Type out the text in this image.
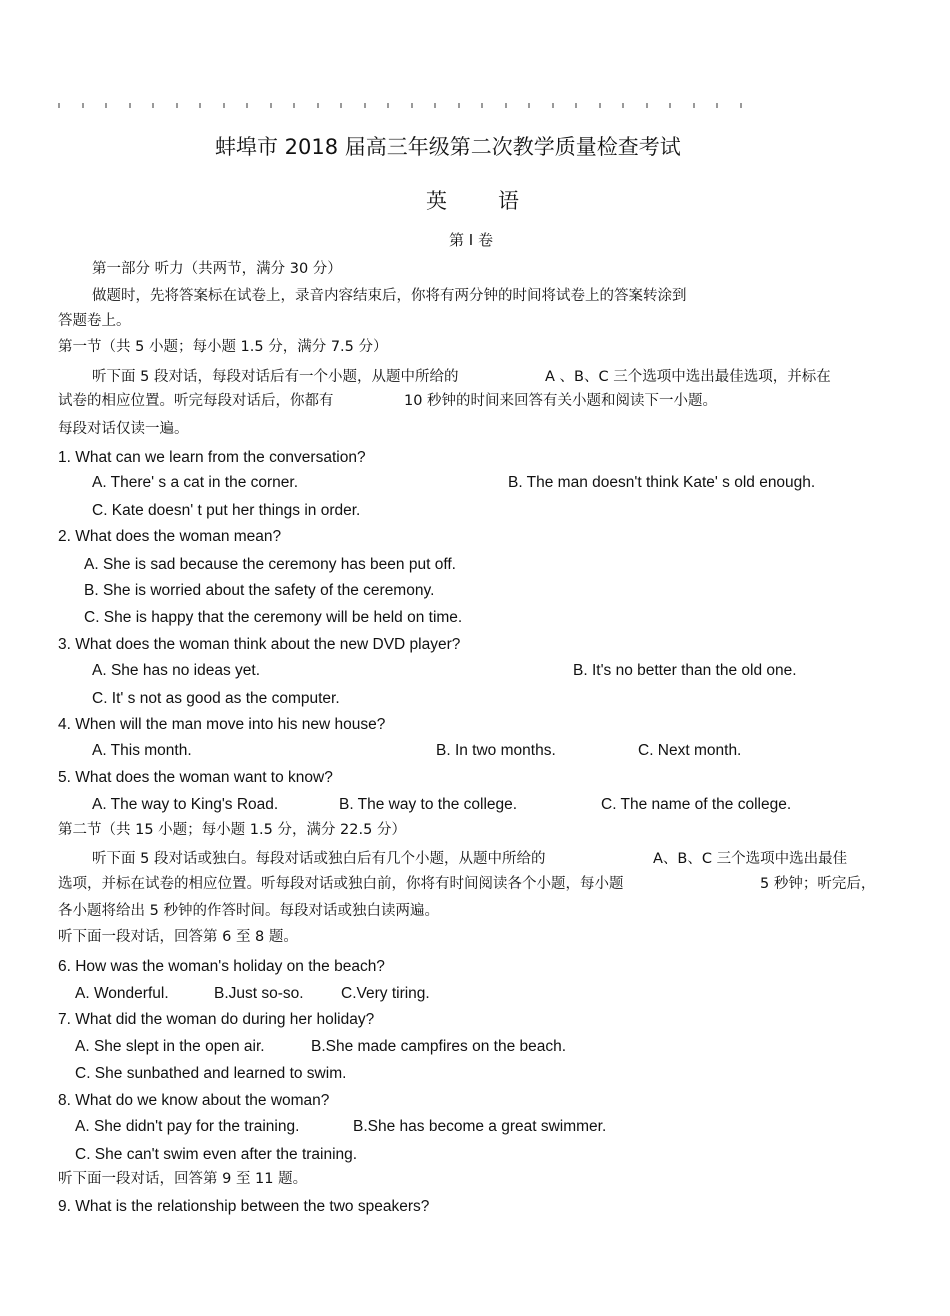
蚌埠市 2018 届高三年级第二次教学质量检查考试
英 语
第 I 卷
第一部分 听力（共两节，满分 30 分）
做题时，先将答案标在试卷上，录音内容结束后，你将有两分钟的时间将试卷上的答案转涂到
答题卷上。
第一节（共 5 小题；每小题 1.5 分，满分 7.5 分）
听下面 5 段对话，每段对话后有一个小题，从题中所给的	A 、B、C 三个选项中选出最佳选项，并标在
试卷的相应位置。听完每段对话后，你都有	10 秒钟的时间来回答有关小题和阅读下一小题。
每段对话仅读一遍。
1. What can we learn from the conversation?
A. There' s a cat in the corner.	B. The man doesn't think Kate' s old enough.
C. Kate doesn' t put her things in order.
2. What does the woman mean?
A. She is sad because the ceremony has been put off.
B. She is worried about the safety of the ceremony.
C. She is happy that the ceremony will be held on time.
3. What does the woman think about the new DVD player?
A. She has no ideas yet.	B. It's no better than the old one.
C. It' s not as good as the computer.
4. When will the man move into his new house?
A. This month.	B. In two months.	C. Next month.
5. What does the woman want to know?
A. The way to King's Road.	B. The way to the college.	C. The name of the college.
第二节（共 15 小题；每小题 1.5 分，满分 22.5 分）
听下面 5 段对话或独白。每段对话或独白后有几个小题，从题中所给的	A、B、C 三个选项中选出最佳
选项，并标在试卷的相应位置。听每段对话或独白前，你将有时间阅读各个小题，每小题	5 秒钟；听完后，
各小题将给出 5 秒钟的作答时间。每段对话或独白读两遍。
听下面一段对话，回答第 6 至 8 题。
6. How was the woman's holiday on the beach?
A. Wonderful.	B.Just so-so. C.Very tiring.
7. What did the woman do during her holiday?
A. She slept in the open air.	B.She made campfires on the beach.
C. She sunbathed and learned to swim.
8. What do we know about the woman?
A. She didn't pay for the training.	B.She has become a great swimmer.
C. She can't swim even after the training.
听下面一段对话，回答第 9 至 11 题。
9. What is the relationship between the two speakers?
